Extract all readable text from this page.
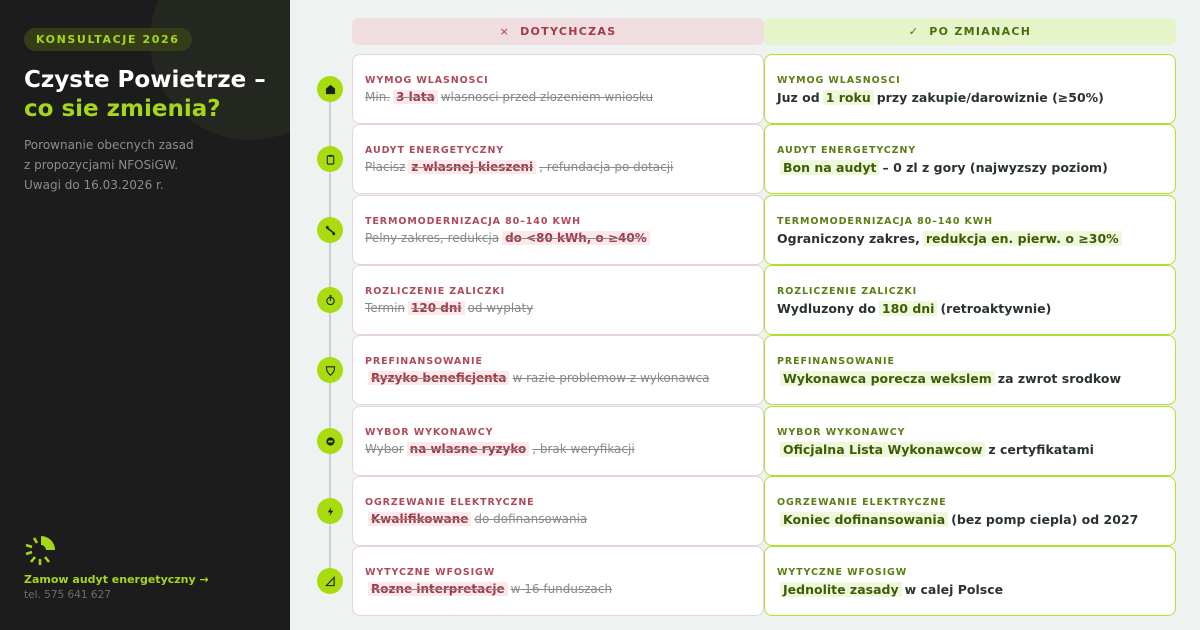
KONSULTACJE 2026
Czyste Powietrze –
co sie zmienia?
Porownanie obecnych zasad
z propozycjami NFOSiGW.
Uwagi do 16.03.2026 r.
Zamow audyt energetyczny →
tel. 575 641 627
× DOTYCHCZAS	✓ PO ZMIANACH
WYMOG WLASNOSCI
Min. 3 lata wlasnosci przed zlozeniem wniosku
WYMOG WLASNOSCI
Juz od 1 roku przy zakupie/darowiznie (≥50%)
AUDYT ENERGETYCZNY
Placisz z wlasnej kieszeni , refundacja po dotacji
AUDYT ENERGETYCZNY
Bon na audyt – 0 zl z gory (najwyzszy poziom)
TERMOMODERNIZACJA 80–140 KWH
Pelny zakres, redukcja do <80 kWh, o ≥40%
TERMOMODERNIZACJA 80–140 KWH
Ograniczony zakres, redukcja en. pierw. o ≥30%
ROZLICZENIE ZALICZKI
Termin 120 dni od wyplaty
ROZLICZENIE ZALICZKI
Wydluzony do 180 dni (retroaktywnie)
PREFINANSOWANIE
Ryzyko beneficjenta w razie problemow z wykonawca
PREFINANSOWANIE
Wykonawca porecza wekslem za zwrot srodkow
WYBOR WYKONAWCY
Wybor na wlasne ryzyko , brak weryfikacji
WYBOR WYKONAWCY
Oficjalna Lista Wykonawcow z certyfikatami
OGRZEWANIE ELEKTRYCZNE
Kwalifikowane do dofinansowania
OGRZEWANIE ELEKTRYCZNE
Koniec dofinansowania (bez pomp ciepla) od 2027
WYTYCZNE WFOSIGW
Rozne interpretacje w 16 funduszach
WYTYCZNE WFOSIGW
Jednolite zasady w calej Polsce
